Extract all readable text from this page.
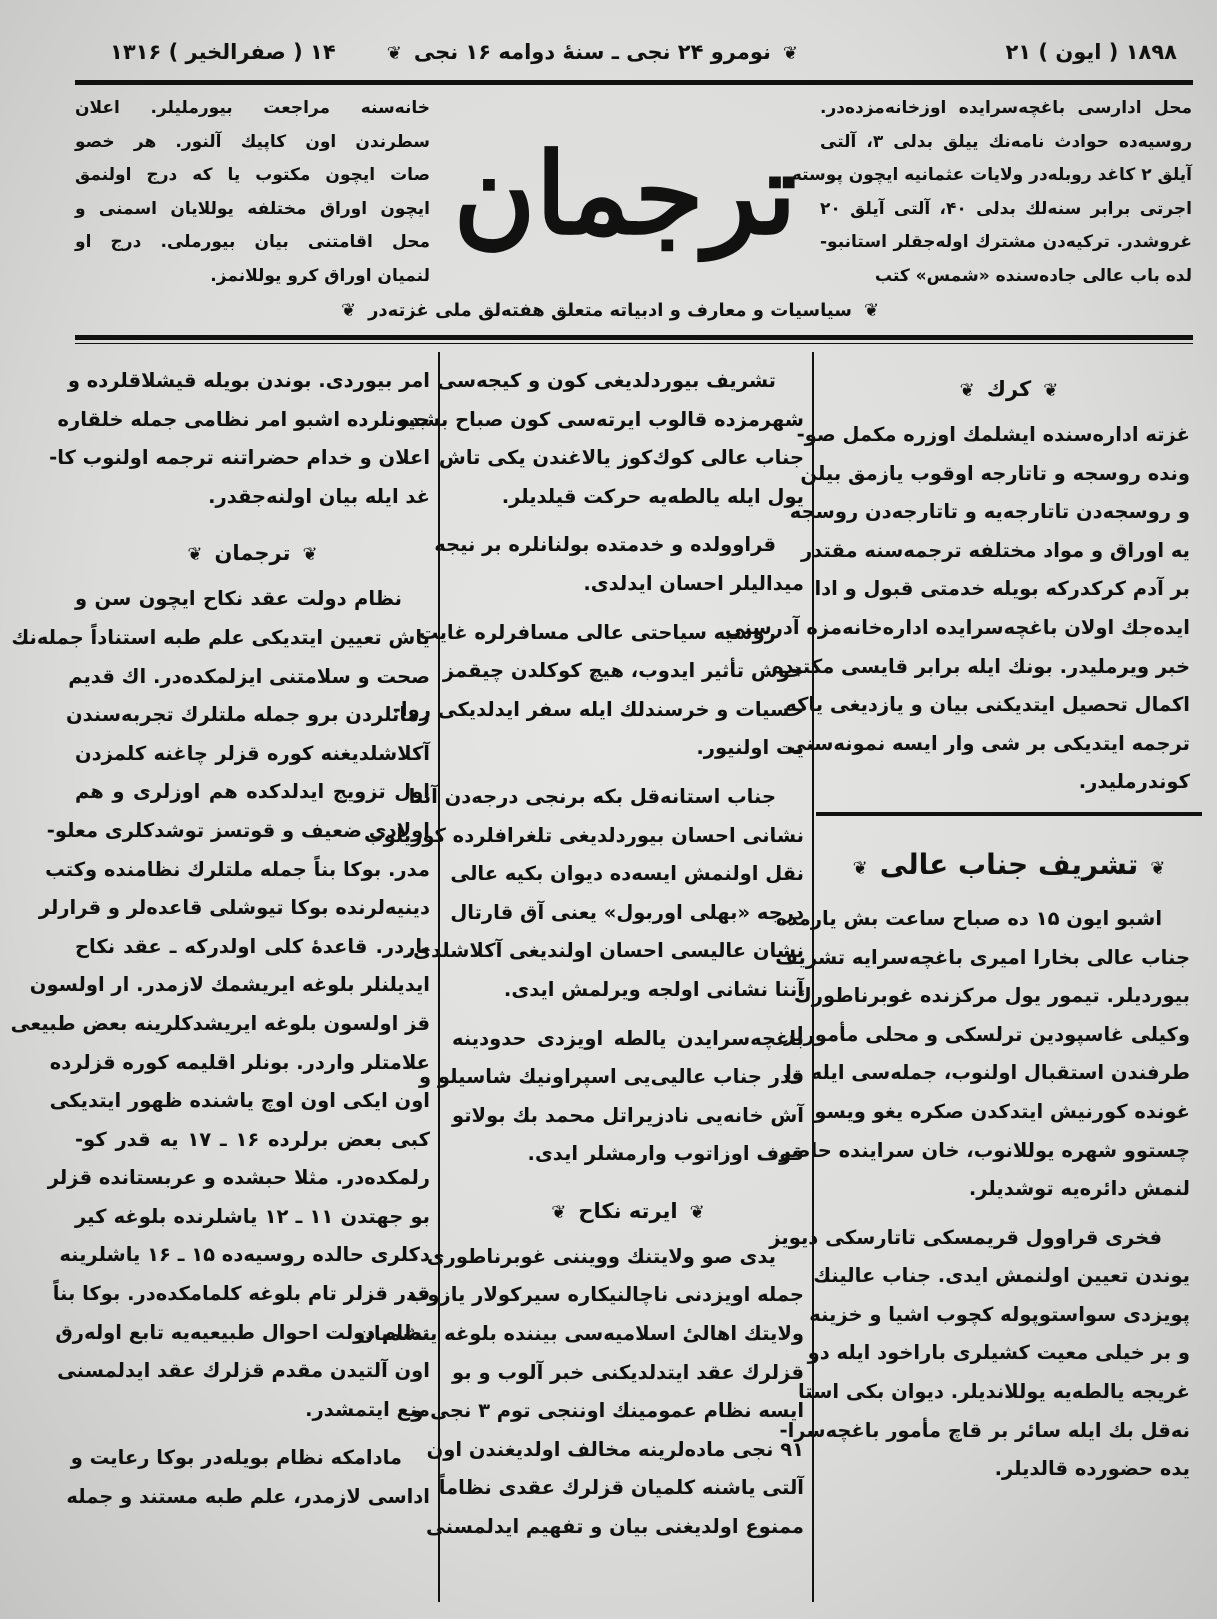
۱۸۹۸ ( ایون ) ۲۱
❦نومرو ۲۴ نجی ـ سنهٔ دوامه ۱۶ نجی❦
۱۴ ( صفرالخیر ) ۱۳۱۶
محل ادارسی باغچه‌سرایده اوزخانه‌مزده‌در.
روسیه‌ده حوادث نامه‌نك ییلق بدلی ۳، آلتی
آیلق ۲ کاغد روبله‌در ولایات عثمانیه ایچون پوسته
اجرتی برابر سنه‌لك بدلی ۴۰، آلتی آیلق ۲۰
غروشدر. ترکیه‌دن مشترك اوله‌جقلر استانبو-
لده باب عالی جاده‌سنده «شمس» کتب
خانه‌سنه مراجعت بیورملیلر. اعلان
سطرندن اون کاپیك آلنور. هر خصو
صات ایچون مکتوب یا که درج اولنمق
ایچون اوراق مختلفه یوللایان اسمنی و
محل اقامتنی بیان بیورملی. درج او
لنمیان اوراق کرو یوللانمز.
ترجمان
❦سیاسیات و معارف و ادبیاته متعلق هفته‌لق ملی غزته‌در❦
❦کرك❦
غزته اداره‌سنده ایشلمك اوزره مكمل صو-
ونده روسجه و تاتارجه اوقوب یازمق بیلن
و روسجه‌دن تاتارجه‌یه و تاتارجه‌دن روسجه
یه اوراق و مواد مختلفه ترجمه‌سنه مقتدر
بر آدم کرکدرکه بویله خدمتی قبول و ادا
ایده‌جك اولان باغچه‌سرایده اداره‌خانه‌مزه آدرسنی
خبر ویرملیدر. بونك ایله برابر قایسی مکتبده
اکمال تحصیل ایتدیکنی بیان و یازدیغی یاکه
ترجمه ایتدیکی بر شی وار ایسه نمونه‌سنی
كوندرملیدر.
❦تشریف جناب عالی❦
اشبو ایون ۱۵ ده صباح ساعت بش یارمده
جناب عالی بخارا امیری باغچه‌سرایه تشریف
بیوردیلر. تیمور یول مرکزنده غوبرناطورك
وكیلی غاسپودین ترلسكی و محلی مأمورلر
طرفندن استقبال اولنوب، جمله‌سی ایله وا
غونده کورنیش ایتدکدن صکره یغو ویسو
چستوو شهره یوللانوب، خان سراینده حاضر
لنمش دائره‌یه توشدیلر.
فخری قراوول قریمسکی تاتارسکی دیویز
یوندن تعیین اولنمش ایدی. جناب عالینك
پویزدی سواستوپوله کچوب اشیا و خزینه
و بر خیلی معیت کشیلری باراخود ایله دو
غریجه یالطه‌یه یوللاندیلر. دیوان بکی استا
نه‌قل بك ایله سائر بر قاچ مأمور باغچه‌سرا-
یده حضورده قالدیلر.
تشریف بیوردلدیغی كون و كیجه‌سی
شهرمزده قالوب ایرته‌سی کون صباح بشده
جناب عالی کوك‌کوز یالاغندن یکی تاش
یول ایله یالطه‌یه حرکت قیلدیلر.
قراوولده و خدمتده بولنانلره بر نیجه
میدالیلر احسان ایدلدی.
روسیه سیاحتی عالی مسافرلره غایت
خوش تأثیر ایدوب، هیچ کوکلدن چیقمز
حسیات و خرسندلك ایله سفر ایدلدیکی روا-
یت اولنیور.
جناب استانه‌قل بکه برنجی درجه‌دن آننا
نشانی احسان بیوردلدیغی تلغرافلرده کوریلوب
نقل اولنمش ایسه‌ده دیوان بکیه عالی
درجه «بهلی اوربول» یعنی آق قارتال
نشان عالیسی احسان اولندیغی آکلاشلدی.
آننا نشانی اولجه ویرلمش ایدی.
باغچه‌سرایدن یالطه اویزدی حدودینه
قدر جناب عالیی‌یی اسپراونیك شاسیلو و
آش خانه‌یی نادزیراتل محمد بك بولاتو
قوف اوزاتوب وارمشلر ایدی.
❦ایرته نكاح❦
یدی صو ولایتنك وویننی غوبرناطوری
جمله اویزدنی ناچالنیكاره سیرکولار یازوب
ولایتك اهالیٔ اسلامیه‌سی بیننده بلوغه یتشمیان
قزلرك عقد ایتدلدیکنی خبر آلوب و بو
ایسه نظام عمومینك اوننجی توم ۳ نجی و
۹۱ نجی ماده‌لرینه مخالف اولدیغندن اون
آلتی یاشنه کلمیان قزلرك عقدی نظاماً
ممنوع اولدیغنی بیان و تفهیم ایدلمسنی
امر بیوردی. بوندن بویله قیشلاقلرده و
جیونلرده اشبو امر نظامی جمله خلقاره
اعلان و خدام حضراتنه ترجمه اولنوب کا-
غد ایله بیان اولنه‌جقدر.
❦ترجمان❦
نظام دولت عقد نكاح ایچون سن و
یاش تعیین ایتدیکی علم طبه استناداً جمله‌نك
صحت و سلامتنی ایزلمکده‌در. اك قدیم
زمانلردن برو جمله ملتلرك تجربه‌سندن
آکلاشلدیغنه کوره قزلر چاغنه کلمزدن
اول تزویج ایدلدکده هم اوزلری و هم
اولادی ضعیف و قوتسز توشدکلری معلو-
مدر. بوکا بناً جمله ملتلرك نظامنده وکتب
دینیه‌لرنده بوکا تیوشلی قاعده‌لر و قرارلر
باردر. قاعدهٔ کلی اولدرکه ـ عقد نكاح
ایدیلنلر بلوغه ایریشمك لازمدر. ار اولسون
قز اولسون بلوغه ایریشدکلرینه بعض طبیعی
علامتلر واردر. بونلر اقلیمه کوره قزلرده
اون ایکی اون اوچ یاشنده ظهور ایتدیکی
کبی بعض برلرده ۱۶ ـ ۱۷ یه قدر کو-
رلمکده‌در. مثلا حبشده و عربستانده قزلر
بو جهتدن ۱۱ ـ ۱۲ یاشلرنده بلوغه کیر
دکلری حالده روسیه‌ده ۱۵ ـ ۱۶ یاشلرینه
قدر قزلر تام بلوغه کلمامکده‌در. بوکا بناً
نظام دولت احوال طبیعیه‌یه تابع اوله‌رق
اون آلتیدن مقدم قزلرك عقد ایدلمسنی
منع ایتمشدر.
مادامکه نظام بویله‌در بوکا رعایت و
اداسی لازمدر، علم طبه مستند و جمله
